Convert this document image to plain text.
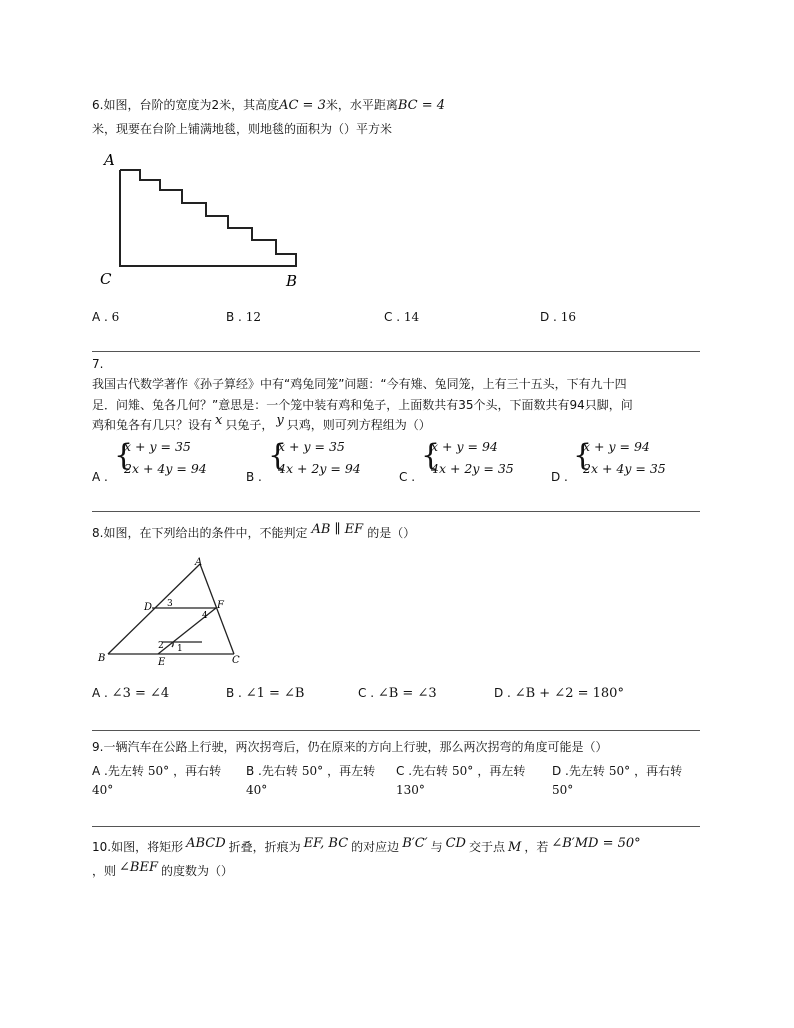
6.如图，台阶的宽度为2米，其高度AC = 3米，水平距离BC = 4
米，现要在台阶上铺满地毯，则地毯的面积为（）平方米
A
C	B
A . 6	B . 12	C . 14	D . 16
7.
我国古代数学著作《孙子算经》中有“鸡兔同笼”问题：“今有雉、兔同笼，上有三十五头，下有九十四
足．问雉、兔各几何？”意思是：一个笼中装有鸡和兔子，上面数共有35个头，下面数共有94只脚，问
鸡和兔各有几只？设有 x 只兔子， y 只鸡，则可列方程组为（）
A .
{
x + y = 35
2x + 4y = 94
B .
{
x + y = 35
4x + 2y = 94
C .
{
x + y = 94
4x + 2y = 35
D .
{
x + y = 94
2x + 4y = 35
8.如图，在下列给出的条件中，不能判定 AB ∥ EF 的是（）
A
B	C
D
E
F
1
2
3
4
A . ∠3 = ∠4	B . ∠1 = ∠B	C . ∠B = ∠3	D . ∠B + ∠2 = 180°
9.一辆汽车在公路上行驶，两次拐弯后，仍在原来的方向上行驶，那么两次拐弯的角度可能是（）
A .先左转 50° ，再右转
40°
B .先右转 50° ，再左转
40°
C .先右转 50° ，再左转
130°
D .先左转 50° ，再右转
50°
10.如图，将矩形 ABCD 折叠，折痕为 EF, BC 的对应边 B′C′ 与 CD 交于点 M ，若 ∠B′MD = 50°
，则 ∠BEF 的度数为（）
